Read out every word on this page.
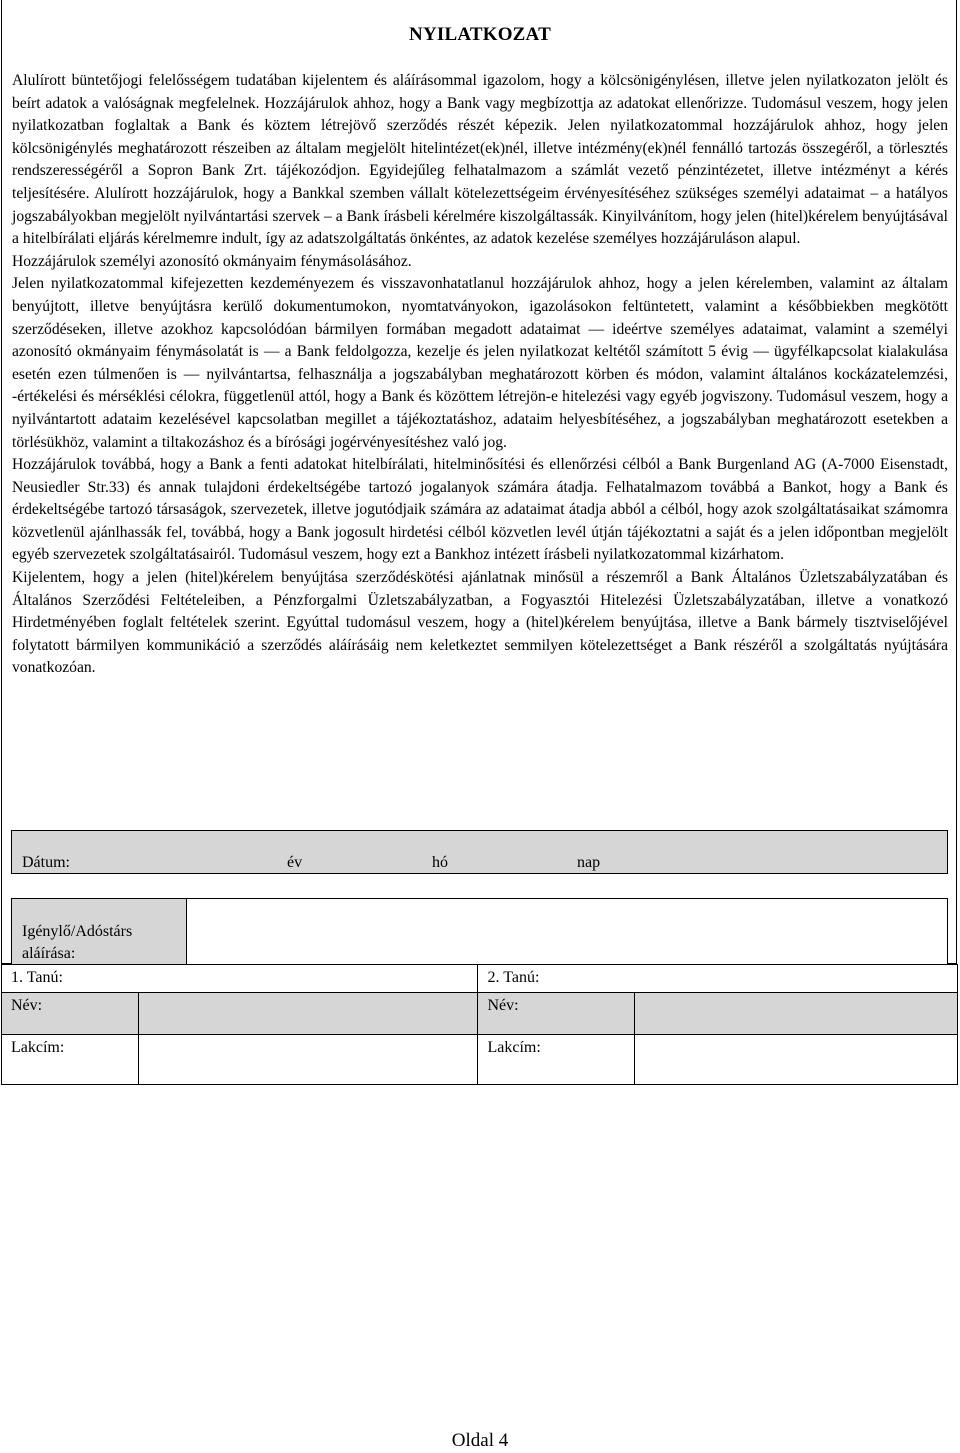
NYILATKOZAT

Alulírott büntetőjogi felelősségem tudatában kijelentem és aláírásommal igazolom, hogy a kölcsönigénylésen, illetve jelen nyilatkozaton jelölt és beírt adatok a valóságnak megfelelnek. Hozzájárulok ahhoz, hogy a Bank vagy megbízottja az adatokat ellenőrizze. Tudomásul veszem, hogy jelen nyilatkozatban foglaltak a Bank és köztem létrejövő szerződés részét képezik. Jelen nyilatkozatommal hozzájárulok ahhoz, hogy jelen kölcsönigénylés meghatározott részeiben az általam megjelölt hitelintézet(ek)nél, illetve intézmény(ek)nél fennálló tartozás összegéről, a törlesztés rendszerességéről a Sopron Bank Zrt. tájékozódjon. Egyidejűleg felhatalmazom a számlát vezető pénzintézetet, illetve intézményt a kérés teljesítésére. Alulírott hozzájárulok, hogy a Bankkal szemben vállalt kötelezettségeim érvényesítéséhez szükséges személyi adataimat – a hatályos jogszabályokban megjelölt nyilvántartási szervek – a Bank írásbeli kérelmére kiszolgáltassák. Kinyilvánítom, hogy jelen (hitel)kérelem benyújtásával a hitelbírálati eljárás kérelmemre indult, így az adatszolgáltatás önkéntes, az adatok kezelése személyes hozzájáruláson alapul.

Hozzájárulok személyi azonosító okmányaim fénymásolásához.

Jelen nyilatkozatommal kifejezetten kezdeményezem és visszavonhatatlanul hozzájárulok ahhoz, hogy a jelen kérelemben, valamint az általam benyújtott, illetve benyújtásra kerülő dokumentumokon, nyomtatványokon, igazolásokon feltüntetett, valamint a későbbiekben megkötött szerződéseken, illetve azokhoz kapcsolódóan bármilyen formában megadott adataimat — ideértve személyes adataimat, valamint a személyi azonosító okmányaim fénymásolatát is — a Bank feldolgozza, kezelje és jelen nyilatkozat keltétől számított 5 évig — ügyfélkapcsolat kialakulása esetén ezen túlmenően is — nyilvántartsa, felhasználja a jogszabályban meghatározott körben és módon, valamint általános kockázatelemzési, -értékelési és mérséklési célokra, függetlenül attól, hogy a Bank és közöttem létrejön-e hitelezési vagy egyéb jogviszony. Tudomásul veszem, hogy a nyilvántartott adataim kezelésével kapcsolatban megillet a tájékoztatáshoz, adataim helyesbítéséhez, a jogszabályban meghatározott esetekben a törlésükhöz, valamint a tiltakozáshoz és a bírósági jogérvényesítéshez való jog.

Hozzájárulok továbbá, hogy a Bank a fenti adatokat hitelbírálati, hitelminősítési és ellenőrzési célból a Bank Burgenland AG (A-7000 Eisenstadt, Neusiedler Str.33) és annak tulajdoni érdekeltségébe tartozó jogalanyok számára átadja. Felhatalmazom továbbá a Bankot, hogy a Bank és érdekeltségébe tartozó társaságok, szervezetek, illetve jogutódjaik számára az adataimat átadja abból a célból, hogy azok szolgáltatásaikat számomra közvetlenül ajánlhassák fel, továbbá, hogy a Bank jogosult hirdetési célból közvetlen levél útján tájékoztatni a saját és a jelen időpontban megjelölt egyéb szervezetek szolgáltatásairól. Tudomásul veszem, hogy ezt a Bankhoz intézett írásbeli nyilatkozatommal kizárhatom.

Kijelentem, hogy a jelen (hitel)kérelem benyújtása szerződéskötési ajánlatnak minősül a részemről a Bank Általános Üzletszabályzatában és Általános Szerződési Feltételeiben, a Pénzforgalmi Üzletszabályzatban, a Fogyasztói Hitelezési Üzletszabályzatában, illetve a vonatkozó Hirdetményében foglalt feltételek szerint. Egyúttal tudomásul veszem, hogy a (hitel)kérelem benyújtása, illetve a Bank bármely tisztviselőjével folytatott bármilyen kommunikáció a szerződés aláírásáig nem keletkeztet semmilyen kötelezettséget a Bank részéről a szolgáltatás nyújtására vonatkozóan.

Dátum:	év	hó	nap
Igénylő/Adóstárs aláírása:
1. Tanú:		2. Tanú:	
Név:		Név:	
Lakcím:		Lakcím:	
Oldal 4
